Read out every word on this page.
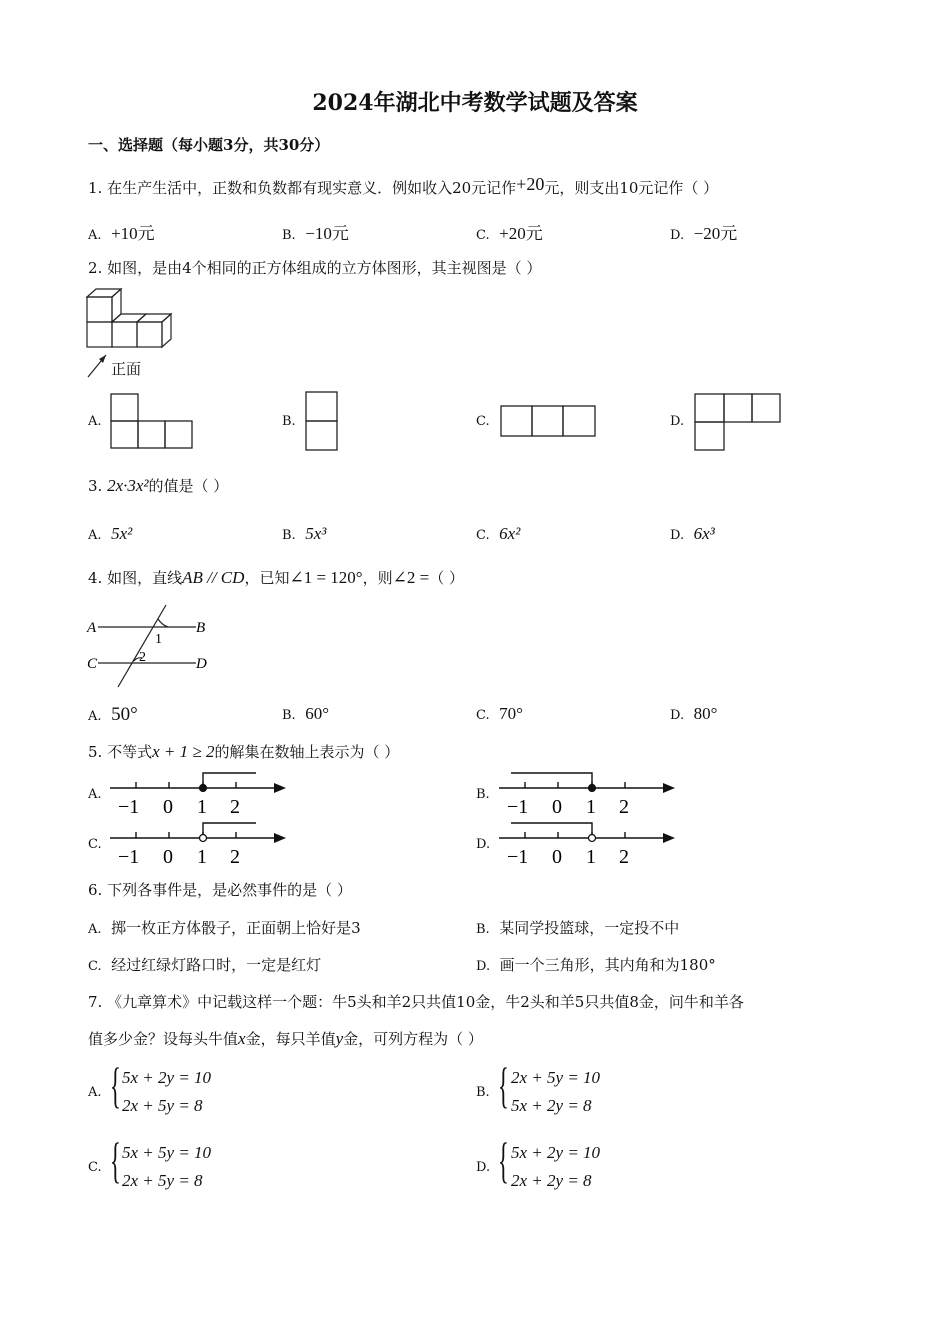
2024年湖北中考数学试题及答案
一、选择题（每小题3分，共30分）
1. 在生产生活中，正数和负数都有现实意义．例如收入20元记作+20元，则支出10元记作（ ）
A. +10元	B. −10元	C. +20元	D. −20元
2. 如图，是由4个相同的正方体组成的立方体图形，其主视图是（ ）
正面
A.	B.	C.	D.
3. 2x·3x²的值是（ ）
A. 5x²	B. 5x³	C. 6x²	D. 6x³
4. 如图，直线AB // CD，已知∠1 = 120°，则∠2 =（ ）
A	B
C	D
1
2
A. 50°	B. 60°	C. 70°	D. 80°
5. 不等式x + 1 ≥ 2的解集在数轴上表示为（ ）
A.
−1 0 1 2
B.
−1 0 1 2
C.
−1 0 1 2
D.
−1 0 1 2
6. 下列各事件是，是必然事件的是（ ）
A. 掷一枚正方体骰子，正面朝上恰好是3	B. 某同学投篮球，一定投不中
C. 经过红绿灯路口时，一定是红灯	D. 画一个三角形，其内角和为180°
7. 《九章算术》中记载这样一个题：牛5头和羊2只共值10金，牛2头和羊5只共值8金，问牛和羊各
值多少金？设每头牛值x金，每只羊值y金，可列方程为（ ）
A. { 5x + 2y = 10
2x + 5y = 8
B. { 2x + 5y = 10
5x + 2y = 8
C. { 5x + 5y = 10
2x + 5y = 8
D. { 5x + 2y = 10
2x + 2y = 8
